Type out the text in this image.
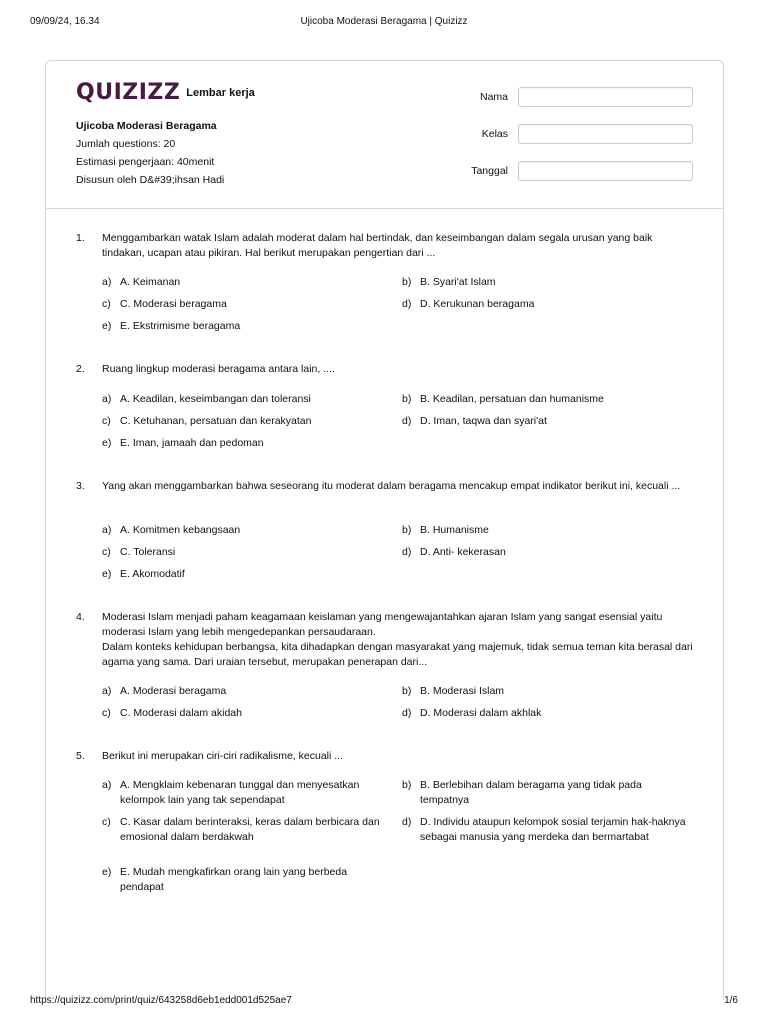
09/09/24, 16.34	Ujicoba Moderasi Beragama | Quizizz
QUIZIZZ Lembar kerja
Ujicoba Moderasi Beragama
Jumlah questions: 20
Estimasi pengerjaan: 40menit
Disusun oleh D&#39;ihsan Hadi
Nama
Kelas
Tanggal
1. Menggambarkan watak Islam adalah moderat dalam hal bertindak, dan keseimbangan dalam segala urusan yang baik tindakan, ucapan atau pikiran. Hal berikut merupakan pengertian dari ...
a) A. Keimanan	b) B. Syari'at Islam
c) C. Moderasi beragama	d) D. Kerukunan beragama
e) E. Ekstrimisme beragama
2. Ruang lingkup moderasi beragama antara lain, ....
a) A. Keadilan, keseimbangan dan toleransi	b) B. Keadilan, persatuan dan humanisme
c) C. Ketuhanan, persatuan dan kerakyatan	d) D. Iman, taqwa dan syari'at
e) E. Iman, jamaah dan pedoman
3. Yang akan menggambarkan bahwa seseorang itu moderat dalam beragama mencakup empat indikator berikut ini, kecuali ...
a) A. Komitmen kebangsaan	b) B. Humanisme
c) C. Toleransi	d) D. Anti- kekerasan
e) E. Akomodatif
4. Moderasi Islam menjadi paham keagamaan keislaman yang mengewajantahkan ajaran Islam yang sangat esensial yaitu moderasi Islam yang lebih mengedepankan persaudaraan.
Dalam konteks kehidupan berbangsa, kita dihadapkan dengan masyarakat yang majemuk, tidak semua teman kita berasal dari agama yang sama. Dari uraian tersebut, merupakan penerapan dari...
a) A. Moderasi beragama	b) B. Moderasi Islam
c) C. Moderasi dalam akidah	d) D. Moderasi dalam akhlak
5. Berikut ini merupakan ciri-ciri radikalisme, kecuali ...
a) A. Mengklaim kebenaran tunggal dan menyesatkan kelompok lain yang tak sependapat
b) B. Berlebihan dalam beragama yang tidak pada tempatnya
c) C. Kasar dalam berinteraksi, keras dalam berbicara dan emosional dalam berdakwah
d) D. Individu ataupun kelompok sosial terjamin hak-haknya sebagai manusia yang merdeka dan bermartabat
e) E. Mudah mengkafirkan orang lain yang berbeda pendapat
https://quizizz.com/print/quiz/643258d6eb1edd001d525ae7	1/6
